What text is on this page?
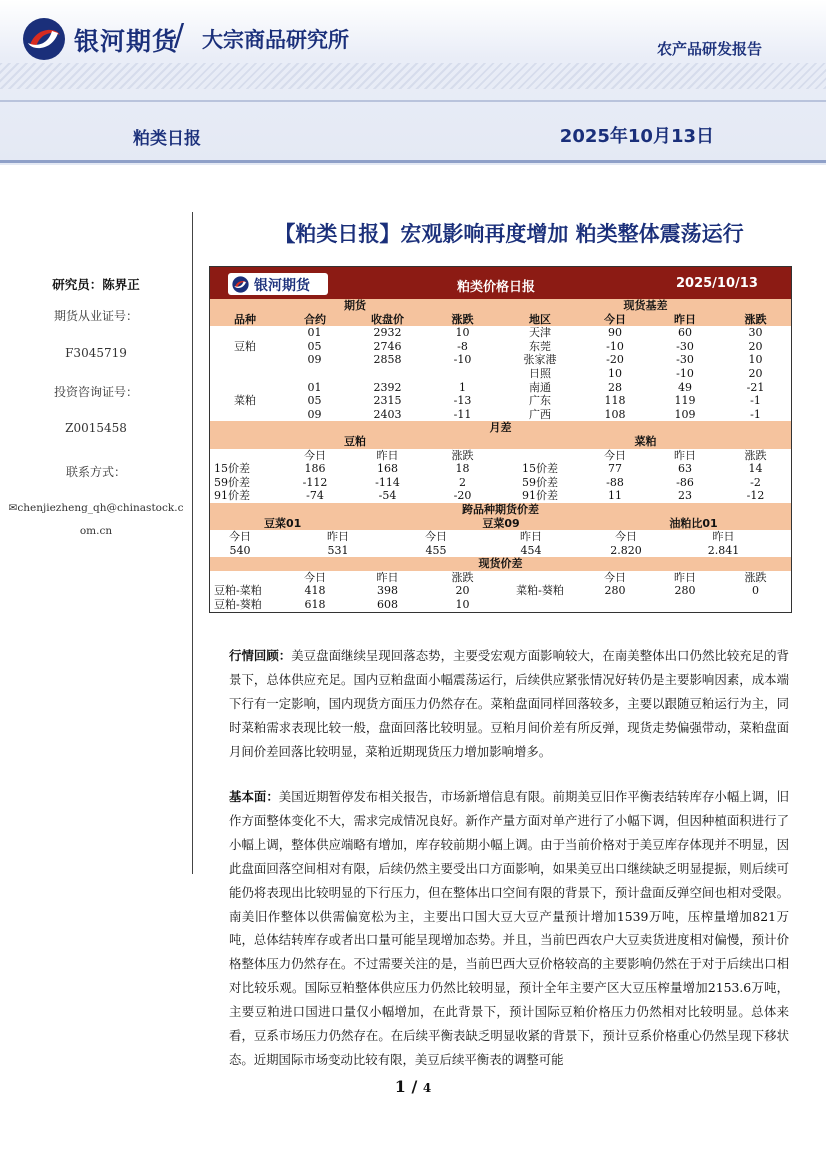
银河期货
/ 大宗商品研究所	农产品研发报告
粕类日报	2025年10月13日
研究员：陈界正
期货从业证号：
F3045719
投资咨询证号：
Z0015458
联系方式：
✉chenjiezheng_qh@chinastock.c
om.cn
【粕类日报】宏观影响再度增加 粕类整体震荡运行
银河期货	粕类价格日报	2025/10/13
期货				现货基差			
品种	合约	收盘价	涨跌	地区	今日	昨日	涨跌
	01	2932	10	天津	90	60	30
豆粕	05	2746	-8	东莞	-10	-30	20
	09	2858	-10	张家港	-20	-30	10
				日照	10	-10	20
	01	2392	1	南通	28	49	-21
菜粕	05	2315	-13	广东	118	119	-1
	09	2403	-11	广西	108	109	-1
月差							
豆粕				菜粕			
	今日	昨日	涨跌		今日	昨日	涨跌
15价差	186	168	18	15价差	77	63	14
59价差	-112	-114	2	59价差	-88	-86	-2
91价差	-74	-54	-20	91价差	11	23	-12
跨品种期货价差							
豆菜01		豆菜09		油粕比01	
今日	昨日	今日	昨日	今日	昨日
540	531	455	454	2.820	2.841
现货价差							
	今日	昨日	涨跌		今日	昨日	涨跌
豆粕-菜粕	418	398	20	菜粕-葵粕	280	280	0
豆粕-葵粕	618	608	10				

行情回顾：美豆盘面继续呈现回落态势，主要受宏观方面影响较大，在南美整体出口仍然比较充足的背景下，总体供应充足。国内豆粕盘面小幅震荡运行，后续供应紧张情况好转仍是主要影响因素，成本端下行有一定影响，国内现货方面压力仍然存在。菜粕盘面同样回落较多，主要以跟随豆粕运行为主，同时菜粕需求表现比较一般，盘面回落比较明显。豆粕月间价差有所反弹，现货走势偏强带动，菜粕盘面月间价差回落比较明显，菜粕近期现货压力增加影响增多。

基本面：美国近期暂停发布相关报告，市场新增信息有限。前期美豆旧作平衡表结转库存小幅上调，旧作方面整体变化不大，需求完成情况良好。新作产量方面对单产进行了小幅下调，但因种植面积进行了小幅上调，整体供应端略有增加，库存较前期小幅上调。由于当前价格对于美豆库存体现并不明显，因此盘面回落空间相对有限，后续仍然主要受出口方面影响，如果美豆出口继续缺乏明显提振，则后续可能仍将表现出比较明显的下行压力，但在整体出口空间有限的背景下，预计盘面反弹空间也相对受限。南美旧作整体以供需偏宽松为主，主要出口国大豆大豆产量预计增加1539万吨，压榨量增加821万吨，总体结转库存或者出口量可能呈现增加态势。并且，当前巴西农户大豆卖货进度相对偏慢，预计价格整体压力仍然存在。不过需要关注的是，当前巴西大豆价格较高的主要影响仍然在于对于后续出口相对比较乐观。国际豆粕整体供应压力仍然比较明显，预计全年主要产区大豆压榨量增加2153.6万吨，主要豆粕进口国进口量仅小幅增加，在此背景下，预计国际豆粕价格压力仍然相对比较明显。总体来看，豆系市场压力仍然存在。在后续平衡表缺乏明显收紧的背景下，预计豆系价格重心仍然呈现下移状态。近期国际市场变动比较有限，美豆后续平衡表的调整可能

1 / 4
